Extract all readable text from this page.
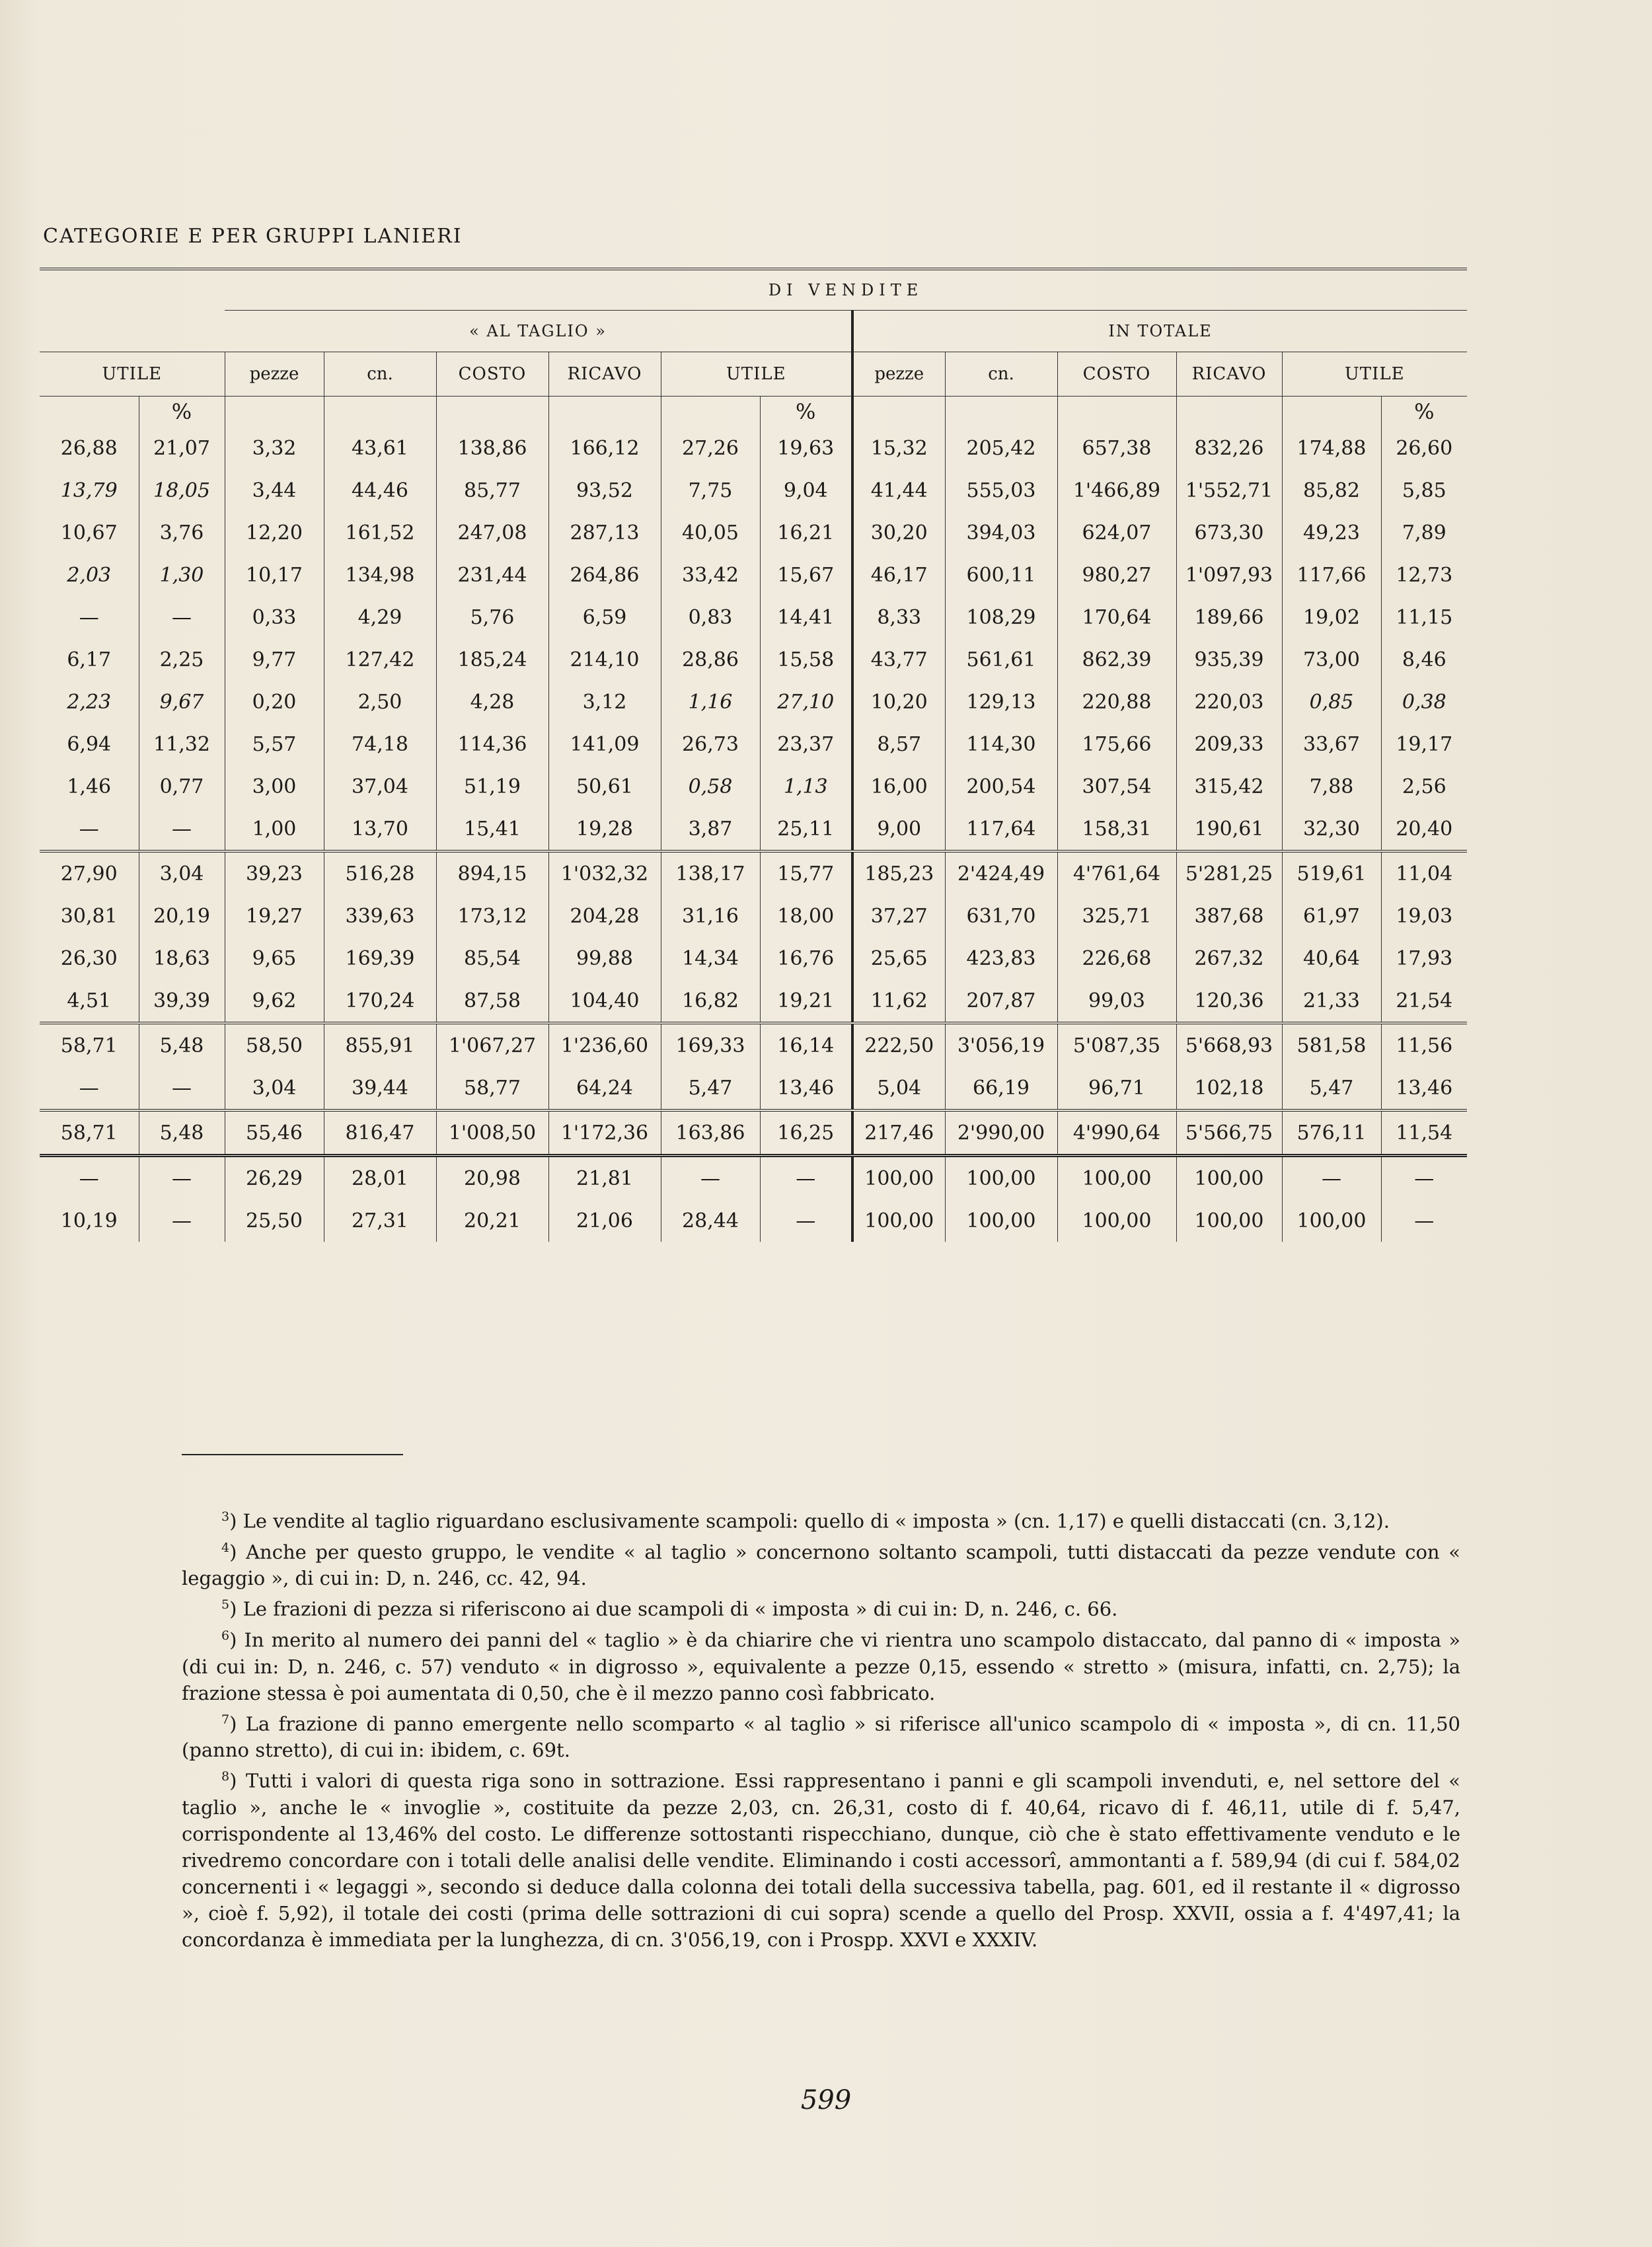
CATEGORIE E PER GRUPPI LANIERI
		DI VENDITE											
		« AL TAGLIO »						IN TOTALE					
UTILE		pezze	cn.	COSTO	RICAVO	UTILE		pezze	cn.	COSTO	RICAVO	UTILE	
	%						%						%
26,88	21,07	3,32	43,61	138,86	166,12	27,26	19,63	15,32	205,42	657,38	832,26	174,88	26,60
13,79	18,05	3,44	44,46	85,77	93,52	7,75	9,04	41,44	555,03	1'466,89	1'552,71	85,82	5,85
10,67	3,76	12,20	161,52	247,08	287,13	40,05	16,21	30,20	394,03	624,07	673,30	49,23	7,89
2,03	1,30	10,17	134,98	231,44	264,86	33,42	15,67	46,17	600,11	980,27	1'097,93	117,66	12,73
—	—	0,33	4,29	5,76	6,59	0,83	14,41	8,33	108,29	170,64	189,66	19,02	11,15
6,17	2,25	9,77	127,42	185,24	214,10	28,86	15,58	43,77	561,61	862,39	935,39	73,00	8,46
2,23	9,67	0,20	2,50	4,28	3,12	1,16	27,10	10,20	129,13	220,88	220,03	0,85	0,38
6,94	11,32	5,57	74,18	114,36	141,09	26,73	23,37	8,57	114,30	175,66	209,33	33,67	19,17
1,46	0,77	3,00	37,04	51,19	50,61	0,58	1,13	16,00	200,54	307,54	315,42	7,88	2,56
—	—	1,00	13,70	15,41	19,28	3,87	25,11	9,00	117,64	158,31	190,61	32,30	20,40
27,90	3,04	39,23	516,28	894,15	1'032,32	138,17	15,77	185,23	2'424,49	4'761,64	5'281,25	519,61	11,04
30,81	20,19	19,27	339,63	173,12	204,28	31,16	18,00	37,27	631,70	325,71	387,68	61,97	19,03
26,30	18,63	9,65	169,39	85,54	99,88	14,34	16,76	25,65	423,83	226,68	267,32	40,64	17,93
4,51	39,39	9,62	170,24	87,58	104,40	16,82	19,21	11,62	207,87	99,03	120,36	21,33	21,54
58,71	5,48	58,50	855,91	1'067,27	1'236,60	169,33	16,14	222,50	3'056,19	5'087,35	5'668,93	581,58	11,56
—	—	3,04	39,44	58,77	64,24	5,47	13,46	5,04	66,19	96,71	102,18	5,47	13,46
58,71	5,48	55,46	816,47	1'008,50	1'172,36	163,86	16,25	217,46	2'990,00	4'990,64	5'566,75	576,11	11,54
—	—	26,29	28,01	20,98	21,81	—	—	100,00	100,00	100,00	100,00	—	—
10,19	—	25,50	27,31	20,21	21,06	28,44	—	100,00	100,00	100,00	100,00	100,00	—

$^3$) Le vendite al taglio riguardano esclusivamente scampoli: quello di « imposta » (cn. 1,17) e quelli distaccati (cn. 3,12).

$^4$) Anche per questo gruppo, le vendite « al taglio » concernono soltanto scampoli, tutti distaccati da pezze vendute con « legaggio », di cui in: D, n. 246, cc. 42, 94.

$^5$) Le frazioni di pezza si riferiscono ai due scampoli di « imposta » di cui in: D, n. 246, c. 66.

$^6$) In merito al numero dei panni del « taglio » è da chiarire che vi rientra uno scampolo distaccato, dal panno di « imposta » (di cui in: D, n. 246, c. 57) venduto « in digrosso », equivalente a pezze 0,15, essendo « stretto » (misura, infatti, cn. 2,75); la frazione stessa è poi aumentata di 0,50, che è il mezzo panno così fabbricato.

$^7$) La frazione di panno emergente nello scomparto « al taglio » si riferisce all'unico scampolo di « imposta », di cn. 11,50 (panno stretto), di cui in: ibidem, c. 69t.

$^8$) Tutti i valori di questa riga sono in sottrazione. Essi rappresentano i panni e gli scampoli invenduti, e, nel settore del « taglio », anche le « invoglie », costituite da pezze 2,03, cn. 26,31, costo di f. 40,64, ricavo di f. 46,11, utile di f. 5,47, corrispondente al 13,46% del costo. Le differenze sottostanti rispecchiano, dunque, ciò che è stato effettivamente venduto e le rivedremo concordare con i totali delle analisi delle vendite. Eliminando i costi accessorî, ammontanti a f. 589,94 (di cui f. 584,02 concernenti i « legaggi », secondo si deduce dalla colonna dei totali della successiva tabella, pag. 601, ed il restante il « digrosso », cioè f. 5,92), il totale dei costi (prima delle sottrazioni di cui sopra) scende a quello del Prosp. XXVII, ossia a f. 4'497,41; la concordanza è immediata per la lunghezza, di cn. 3'056,19, con i Prospp. XXVI e XXXIV.

599
